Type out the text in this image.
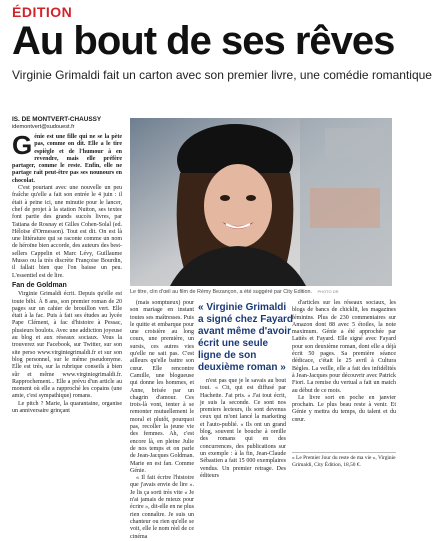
ÉDITION
Au bout de ses rêves
Virginie Grimaldi fait un carton avec son premier livre, une comédie romantique
IS. DE MONTVERT-CHAUSSY
idemontvert@sudouest.fr

Génie est une fille qui ne se la pète pas, comme on dit. Elle a le tire espiègle et de l'humour à en revendre, mais elle préfère partager, comme le reste. Enfin, elle ne partage rait peut-être pas ses nounours en chocolat.

C'est pourtant avec une nouvelle un peu fraîche qu'elle a fait son entrée le 4 juin : il était à peine ici, une minutie pour le lancer, chef de projet à la station Nuiton, ses textes font partie des grands succès livres, par Tatiana de Rosnay et Gilles Cohen-Solal (ed. Héloïse d'Ormesson). Tout est dit. On est là une littérature qui se raconte comme un nom de héroïne bien accorde, des auteurs des best-sellers Cappelin et Marc Lévy, Guillaume Musso ou la très discrète Françoise Bourdin, il fallait bien que l'on baisse un peu. L'essentiel est de lire.

Fan de Goldman

Virginie Grimaldi écrit. Depuis qu'elle est toute bibi. À 8 ans, son premier roman de 20 pages sur un cahier de brouillon vert. Elle était à la fac. Puis à fait ses études au lycée Pape Clément, à fac d'histoire à Pessac, plusieurs boulots. Avec une addiction joyeuse au blog et aux réseaux sociaux. Vous la trouverez sur Facebook, sur Twitter, sur son site perso www.virginiegrimaldi.fr et sur son blog personnel, sur le même pseudonyme. Elle est très, sur la rubrique conseils à bien sûr et même www.virginiegrimaldi.fr. Rapprochement... Elle a prévu d'un article au moment où elle a rapproché les copains (une amie, c'est sympathique) romans.

Le pitch ? Marie, la quarantaine, organise un anniversaire grinçant

(mais somptueux) pour son mariage en instant toutes ses maîtresses. Puis le quitte et embarque pour une croisière au long cours, une première, un sursis, ces autres vies qu'elle ne sait pas. C'est ailleurs qu'elle battre son cœur. Elle rencontre Camille, une blogueuse qui donne les hommes, et Anne, brisée par un chagrin d'amour. Ces trois-là vont, tenter à se remonter mutuellement le moral et plutôt, pourquoi pas, recoller la jeune vie des femmes. Ah, c'est encore là, en pleine Julie de nos temps et on parle de Jean-Jacques Goldman. Marie en est fan. Comme Génie.

« Il fait écrire l'histoire que j'avais envie de lire ». Je lis ça sorti très vite « Je n'ai jamais de mieux pour écrire », dit-elle en ne plus rien connaître. Je suis un chanteur ou rien qu'elle se voit, elle le nom réel de ce cinéma

« Virginie Grimaldi a signé chez Fayard avant même d'avoir écrit une seule ligne de son deuxième roman »

n'est pas que je le savais au bout tout. « Cit, qui est diffusé par Hachette. J'ai pris. « J'ai tout écrit, je suis la seconde. Ce sont nos premiers lecteurs, ils sont devenus ceux qui m'ont lancé la marketing et l'auto-publié. « Ils ont un grand blog, souvent le bouche à oreille des romans qui en des concurrences, des publications sur un exemple : à la fin, Jean-Claude Sébastien a fait 15 000 exemplaires vendus. Un premier retrage. Des éditeurs

d'articles sur les réseaux sociaux, les blogs de bancs de chicklit, les magazines féminins. Plus de 230 commentaires sur Amazon dont 88 avec 5 étoiles, la note maximum. Génie a été approchée par Lattès et Fayard. Elle signé avec Fayard pour son deuxième roman, dont elle a déjà écrit 50 pages. Sa première séance dédicace, c'était le 25 avril à Cultura Bègles. La veille, elle a fait des infidélités à Jean-Jacques pour découvrir avec Patrick Fiori. La remise du vertual a fait un match au début de ce mois.

Le livre sort en poche en janvier prochain. Le plus beau reste à venir. Et Génie y mettra du temps, du talent et du cœur.

« Le Premier Jour du reste de ma vie », Virginie Grimaldi, City Édition, 18,50 €.
Le titre, clin d'œil au film de Rémy Bezançon, a été suggéré par City Edition. PHOTO DR
